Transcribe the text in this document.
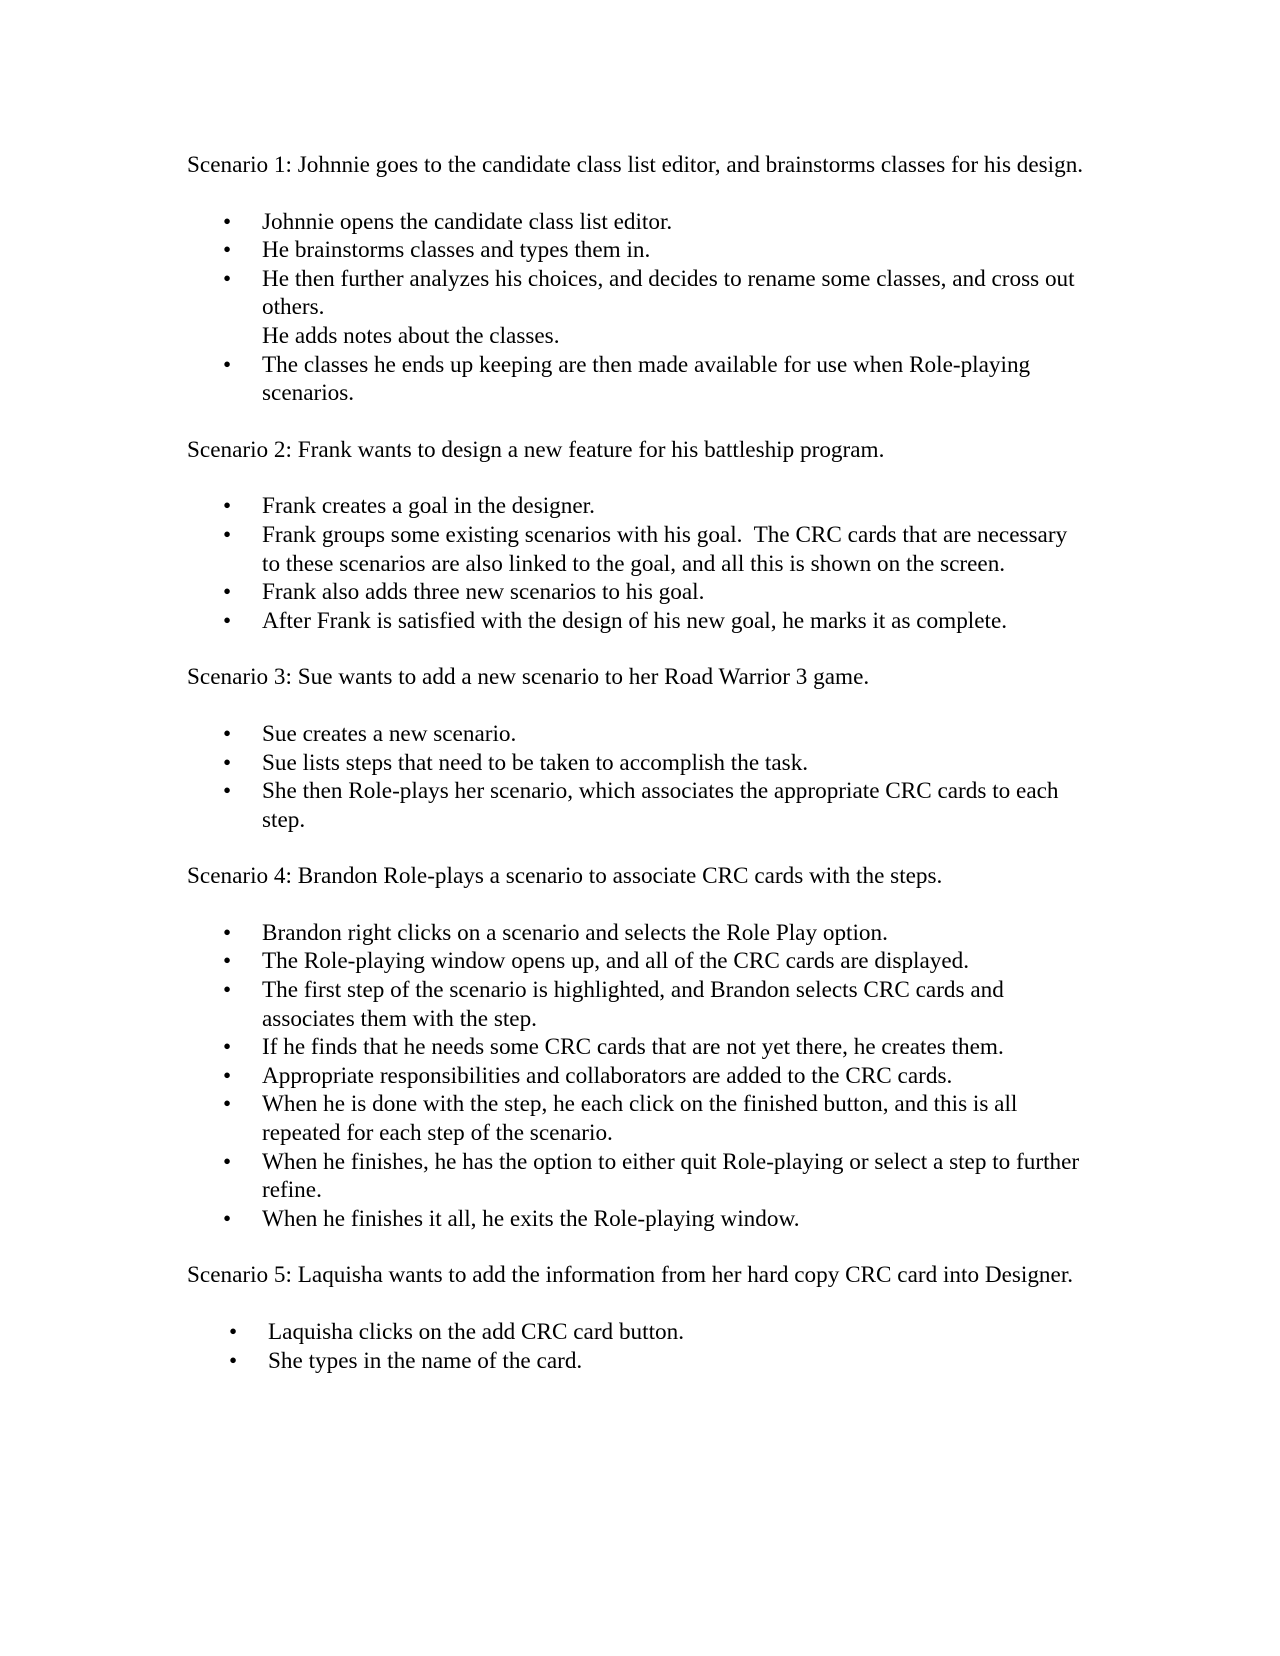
Scenario 1: Johnnie goes to the candidate class list editor, and brainstorms classes for his design.

• Johnnie opens the candidate class list editor.
• He brainstorms classes and types them in.
• He then further analyzes his choices, and decides to rename some classes, and cross out others.
He adds notes about the classes.
• The classes he ends up keeping are then made available for use when Role-playing scenarios.

Scenario 2: Frank wants to design a new feature for his battleship program.

• Frank creates a goal in the designer.
• Frank groups some existing scenarios with his goal.  The CRC cards that are necessary to these scenarios are also linked to the goal, and all this is shown on the screen.
• Frank also adds three new scenarios to his goal.
• After Frank is satisfied with the design of his new goal, he marks it as complete.

Scenario 3: Sue wants to add a new scenario to her Road Warrior 3 game.

• Sue creates a new scenario.
• Sue lists steps that need to be taken to accomplish the task.
• She then Role-plays her scenario, which associates the appropriate CRC cards to each step.

Scenario 4: Brandon Role-plays a scenario to associate CRC cards with the steps.

• Brandon right clicks on a scenario and selects the Role Play option.
• The Role-playing window opens up, and all of the CRC cards are displayed.
• The first step of the scenario is highlighted, and Brandon selects CRC cards and associates them with the step.
• If he finds that he needs some CRC cards that are not yet there, he creates them.
• Appropriate responsibilities and collaborators are added to the CRC cards.
• When he is done with the step, he each click on the finished button, and this is all repeated for each step of the scenario.
• When he finishes, he has the option to either quit Role-playing or select a step to further refine.
• When he finishes it all, he exits the Role-playing window.

Scenario 5: Laquisha wants to add the information from her hard copy CRC card into Designer.

• Laquisha clicks on the add CRC card button.
• She types in the name of the card.
